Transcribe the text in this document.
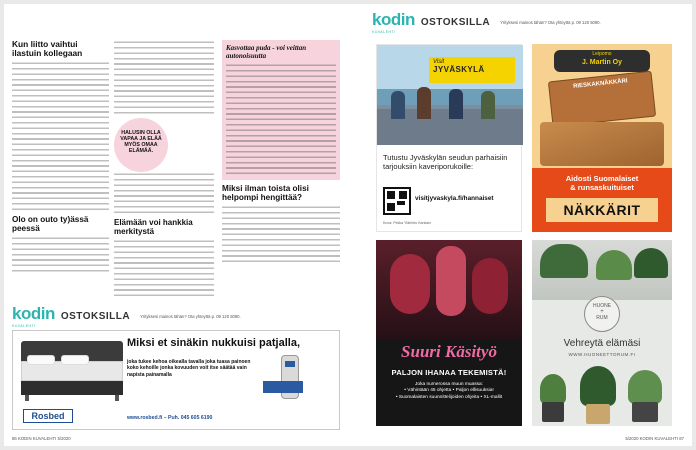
Kun liitto vaihtui ilastuin kollegaan
Olo on outo ty)ässä peessä
HALUSIN OLLA VAPAA JA ELÄÄ MYÖS OMAA ELÄMÄÄ.
Elämään voi hankkia merkitystä
Kasvottaa puda - voi veittan autonoisuutta
Miksi ilman toista olisi helpompi hengittää?
kodin
KUVALEHTI
OSTOKSILLA Yrityksesi mainos tähän? Ota yhteyttä p. 09 120 5090.
Rosbed
Miksi et sinäkin nukkuisi patjalla,
joka tukee kehoa oikealla tavalla joka tuasa painoen koko kehoille jonka kovuuden voit itse säätää vain napista painamalla
www.rosbed.fi – Puh. 045 605 6190
86 KODIN KUVALEHTI 5/2020
kodin
KUVALEHTI
OSTOKSILLA Yrityksesi mainos tähän? Ota yhteyttä p. 09 120 5090.
Visit
JYVÄSKYLÄ
Tutustu Jyväskylän seudun parhaisiin tarjouksiin kaveriporukoille:
visitjyvaskyla.fi/hannaiset
Kuva: Pekka Ylähiirto Kankain
Leipomo
J. Martin Oy
RIESKAKNÄKKÄRI
Aidosti Suomalaiset
& runsaskuituiset
NÄKKÄRIT
Suuri Käsityö
PALJON IHANAA TEKEMISTÄ!
Joka numerossa muun muassa:
• Vähintään 45 ohjetta • Paljon ellisuuksia!
• Suomalaisten suunnittelijoiden ohjeita • XL-mallit
HUONE
+
RUM
Vehreytä elämäsi
WWW.HUONEETTORUM.FI
5/2020 KODIN KUVALEHTI 87
